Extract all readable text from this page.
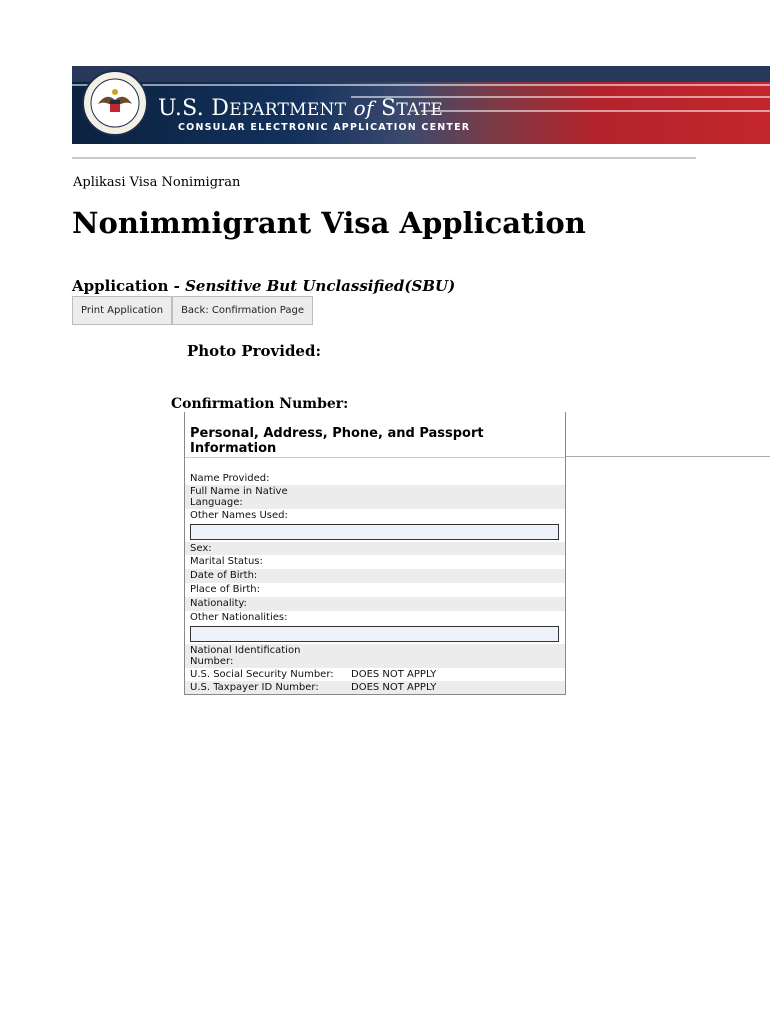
U.S. DEPARTMENT of STATE
CONSULAR ELECTRONIC APPLICATION CENTER
Aplikasi Visa Nonimigran
Nonimmigrant Visa Application
Application - Sensitive But Unclassified(SBU)
Print Application	Back: Confirmation Page
Photo Provided:
Confirmation Number:
Personal, Address, Phone, and Passport Information
Name Provided:
Full Name in Native Language:
Other Names Used:
Sex:
Marital Status:
Date of Birth:
Place of Birth:
Nationality:
Other Nationalities:
National Identification Number:
U.S. Social Security Number: DOES NOT APPLY
U.S. Taxpayer ID Number:	DOES NOT APPLY
